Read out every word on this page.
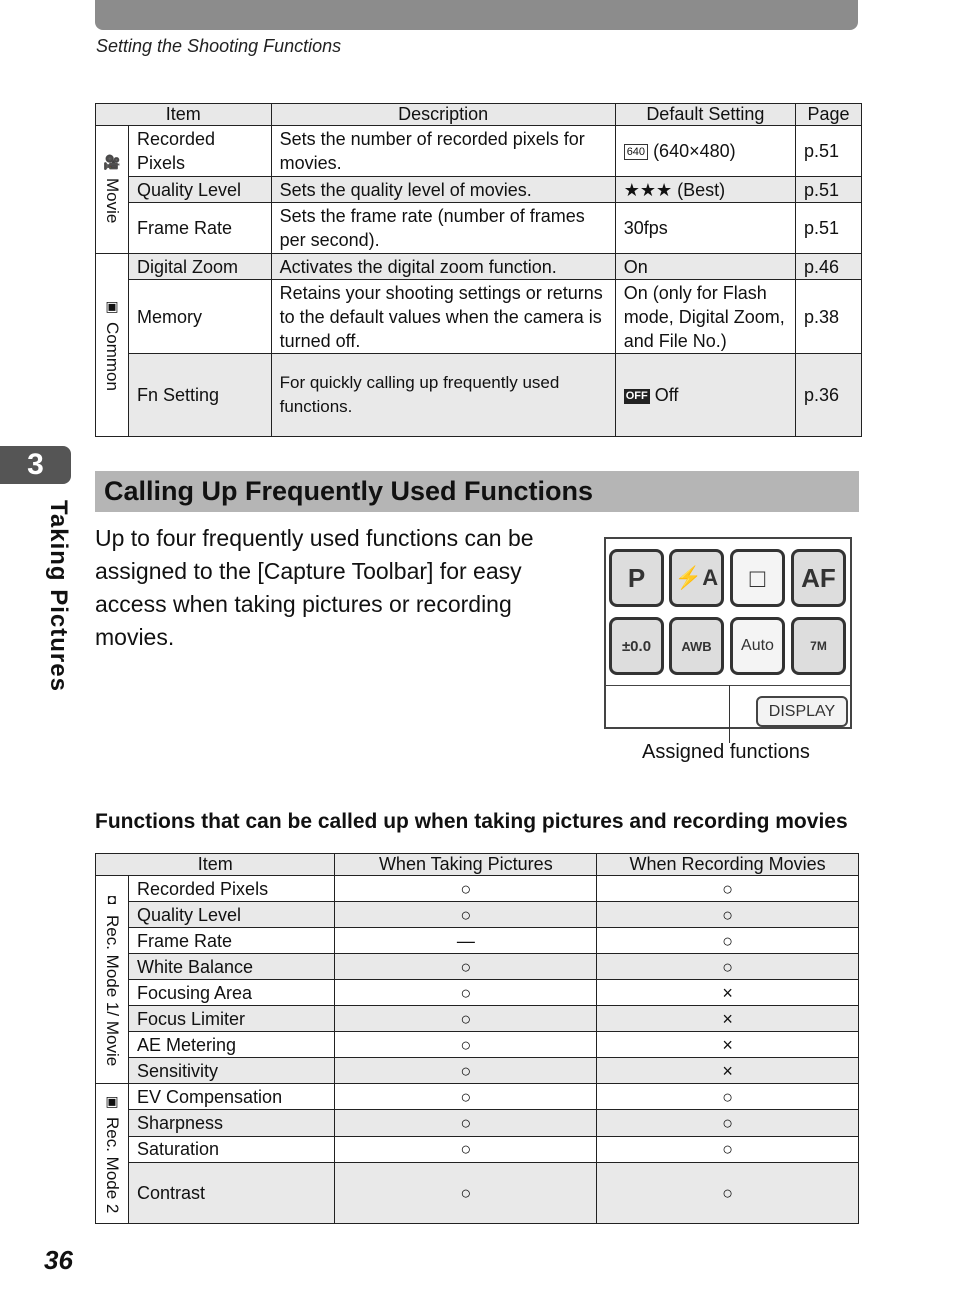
Setting the Shooting Functions
Item		Description	Default Setting	Page
🎥
Movie	Recorded Pixels	Sets the number of recorded pixels for movies.	640 (640×480)	p.51
	Quality Level	Sets the quality level of movies.	★★★ (Best)	p.51
	Frame Rate	Sets the frame rate (number of frames per second).	30fps	p.51
▣
Common	Digital Zoom	Activates the digital zoom function.	On	p.46
	Memory	Retains your shooting settings or returns to the default values when the camera is turned off.	On (only for Flash mode, Digital Zoom, and File No.)	p.38
	Fn Setting	For quickly calling up frequently used functions.	OFF Off	p.36
3
Taking Pictures
Calling Up Frequently Used Functions

Up to four frequently used functions can be assigned to the [Capture Toolbar] for easy access when taking pictures or recording movies.

P	⚡A	□	AF
±0.0	AWB	Auto	7M
DISPLAY
Assigned functions
Functions that can be called up when taking pictures and recording movies
Item		When Taking Pictures	When Recording Movies
◘
Rec. Mode 1/ Movie	Recorded Pixels	○	○
	Quality Level	○	○
	Frame Rate	—	○
	White Balance	○	○
	Focusing Area	○	×
	Focus Limiter	○	×
	AE Metering	○	×
	Sensitivity	○	×
▣
Rec. Mode 2	EV Compensation	○	○
	Sharpness	○	○
	Saturation	○	○
	Contrast	○	○
36
